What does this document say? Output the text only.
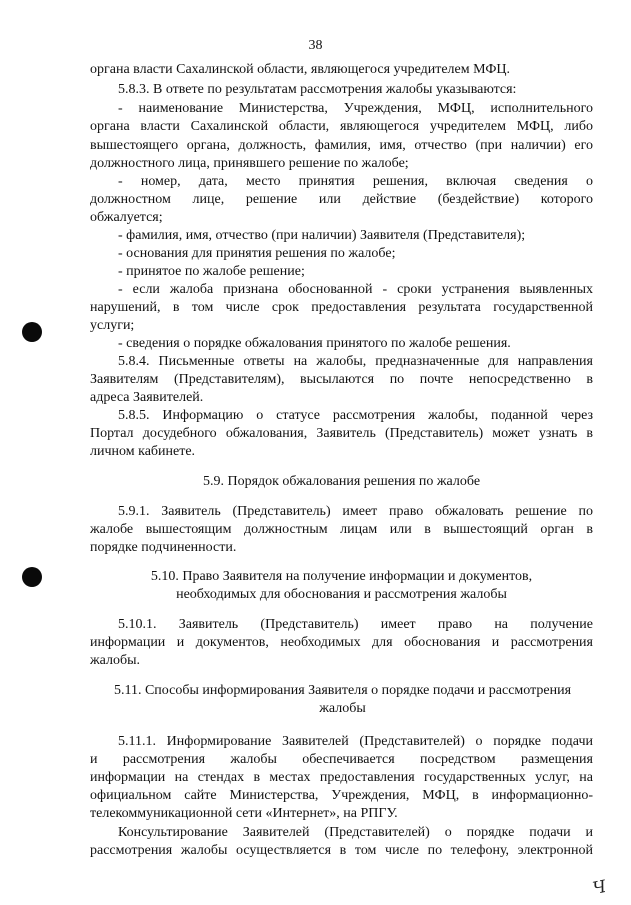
38
органа власти Сахалинской области, являющегося учредителем МФЦ.
5.8.3. В ответе по результатам рассмотрения жалобы указываются:
- наименование Министерства, Учреждения, МФЦ, исполнительного
органа власти Сахалинской области, являющегося учредителем МФЦ, либо
вышестоящего органа, должность, фамилия, имя, отчество (при наличии) его
должностного лица, принявшего решение по жалобе;
- номер, дата, место принятия решения, включая сведения о
должностном лице, решение или действие (бездействие) которого
обжалуется;
- фамилия, имя, отчество (при наличии) Заявителя (Представителя);
- основания для принятия решения по жалобе;
- принятое по жалобе решение;
- если жалоба признана обоснованной - сроки устранения выявленных
нарушений, в том числе срок предоставления результата государственной
услуги;
- сведения о порядке обжалования принятого по жалобе решения.
5.8.4. Письменные ответы на жалобы, предназначенные для направления
Заявителям (Представителям), высылаются по почте непосредственно в
адреса Заявителей.
5.8.5. Информацию о статусе рассмотрения жалобы, поданной через
Портал досудебного обжалования, Заявитель (Представитель) может узнать в
личном кабинете.
5.9. Порядок обжалования решения по жалобе
5.9.1. Заявитель (Представитель) имеет право обжаловать решение по
жалобе вышестоящим должностным лицам или в вышестоящий орган в
порядке подчиненности.
5.10. Право Заявителя на получение информации и документов,
необходимых для обоснования и рассмотрения жалобы
5.10.1. Заявитель (Представитель) имеет право на получение
информации и документов, необходимых для обоснования и рассмотрения
жалобы.
5.11. Способы информирования Заявителя о порядке подачи и рассмотрения
жалобы
5.11.1. Информирование Заявителей (Представителей) о порядке подачи
и рассмотрения жалобы обеспечивается посредством размещения
информации на стендах в местах предоставления государственных услуг, на
официальном сайте Министерства, Учреждения, МФЦ, в информационно-
телекоммуникационной сети «Интернет», на РПГУ.
Консультирование Заявителей (Представителей) о порядке подачи и
рассмотрения жалобы осуществляется в том числе по телефону, электронной
Ч
